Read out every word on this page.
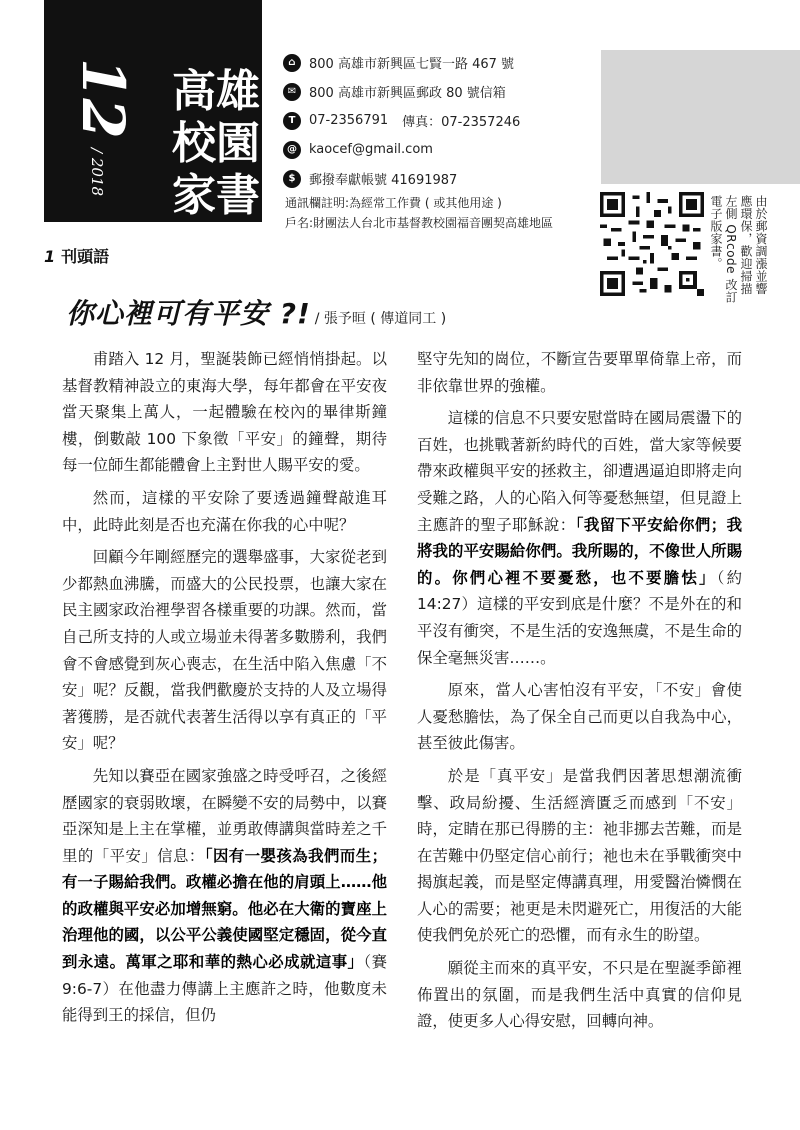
12
/ 2018
高雄
校園
家書
⌂	800 高雄市新興區七賢一路 467 號
✉ 800 高雄市新興區郵政 80 號信箱
T	07-2356791 傳真：07-2357246
@ kaocef@gmail.com
$	郵撥奉獻帳號 41691987
通訊欄註明:為經常工作費 ( 或其他用途 )
戶名:財團法人台北市基督教校園福音團契高雄地區	由於郵資調漲並響應環保，歡迎掃描左側 QRcode 改訂電子版家書。
1 刊頭語
你心裡可有平安 ?! / 張予晅 ( 傳道同工 )

甫踏入 12 月，聖誕裝飾已經悄悄掛起。以基督教精神設立的東海大學，每年都會在平安夜當天聚集上萬人，一起體驗在校內的畢律斯鐘樓，倒數敲 100 下象徵「平安」的鐘聲，期待每一位師生都能體會上主對世人賜平安的愛。

然而，這樣的平安除了要透過鐘聲敲進耳中，此時此刻是否也充滿在你我的心中呢？

回顧今年剛經歷完的選舉盛事，大家從老到少都熱血沸騰，而盛大的公民投票，也讓大家在民主國家政治裡學習各樣重要的功課。然而，當自己所支持的人或立場並未得著多數勝利，我們會不會感覺到灰心喪志，在生活中陷入焦慮「不安」呢？反觀，當我們歡慶於支持的人及立場得著獲勝，是否就代表著生活得以享有真正的「平安」呢？

先知以賽亞在國家強盛之時受呼召，之後經歷國家的衰弱敗壞，在瞬變不安的局勢中，以賽亞深知是上主在掌權，並勇敢傳講與當時差之千里的「平安」信息：「因有一嬰孩為我們而生；有一子賜給我們。政權必擔在他的肩頭上……他的政權與平安必加增無窮。他必在大衛的寶座上治理他的國，以公平公義使國堅定穩固，從今直到永遠。萬軍之耶和華的熱心必成就這事」（賽 9:6-7）在他盡力傳講上主應許之時，他數度未能得到王的採信，但仍

堅守先知的崗位，不斷宣告要單單倚靠上帝，而非依靠世界的強權。

這樣的信息不只要安慰當時在國局震盪下的百姓，也挑戰著新約時代的百姓，當大家等候要帶來政權與平安的拯救主，卻遭遇逼迫即將走向受難之路，人的心陷入何等憂愁無望，但見證上主應許的聖子耶穌說：「我留下平安給你們；我將我的平安賜給你們。我所賜的，不像世人所賜的。你們心裡不要憂愁，也不要膽怯」（約 14:27）這樣的平安到底是什麼？不是外在的和平沒有衝突，不是生活的安逸無虞，不是生命的保全毫無災害……。

原來，當人心害怕沒有平安，「不安」會使人憂愁膽怯，為了保全自己而更以自我為中心，甚至彼此傷害。

於是「真平安」是當我們因著思想潮流衝擊、政局紛擾、生活經濟匱乏而感到「不安」時，定睛在那已得勝的主：祂非挪去苦難，而是在苦難中仍堅定信心前行；祂也未在爭戰衝突中揭旗起義，而是堅定傳講真理，用愛醫治憐憫在人心的需要；祂更是未閃避死亡，用復活的大能使我們免於死亡的恐懼，而有永生的盼望。

願從主而來的真平安，不只是在聖誕季節裡佈置出的氛圍，而是我們生活中真實的信仰見證，使更多人心得安慰，回轉向神。
